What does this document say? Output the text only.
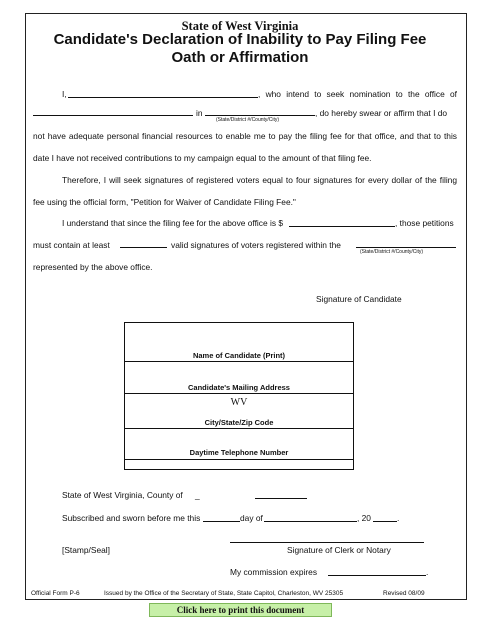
State of West Virginia
Candidate's Declaration of Inability to Pay Filing Fee
Oath or Affirmation
I,	, who intend to seek nomination to the office of
in
(State/District #/County/City)
, do hereby swear or affirm that I do
not have adequate personal financial resources to enable me to pay the filing fee for that office, and that to this
date I have not received contributions to my campaign equal to the amount of that filing fee.
Therefore, I will seek signatures of registered voters equal to four signatures for every dollar of the filing
fee using the official form, "Petition for Waiver of Candidate Filing Fee."
I understand that since the filing fee for the above office is $	, those petitions
must contain at least	valid signatures of voters registered within the
(State/District #/County/City)
represented by the above office.
Signature of Candidate
Name of Candidate (Print)
Candidate's Mailing Address
WV
City/State/Zip Code
Daytime Telephone Number
State of West Virginia, County of _
Subscribed and sworn before me this	day of	, 20	.
[Stamp/Seal]	Signature of Clerk or Notary
My commission expires	.
Official Form P-6	Issued by the Office of the Secretary of State, State Capitol, Charleston, WV 25305	Revised 08/09
Click here to print this document
